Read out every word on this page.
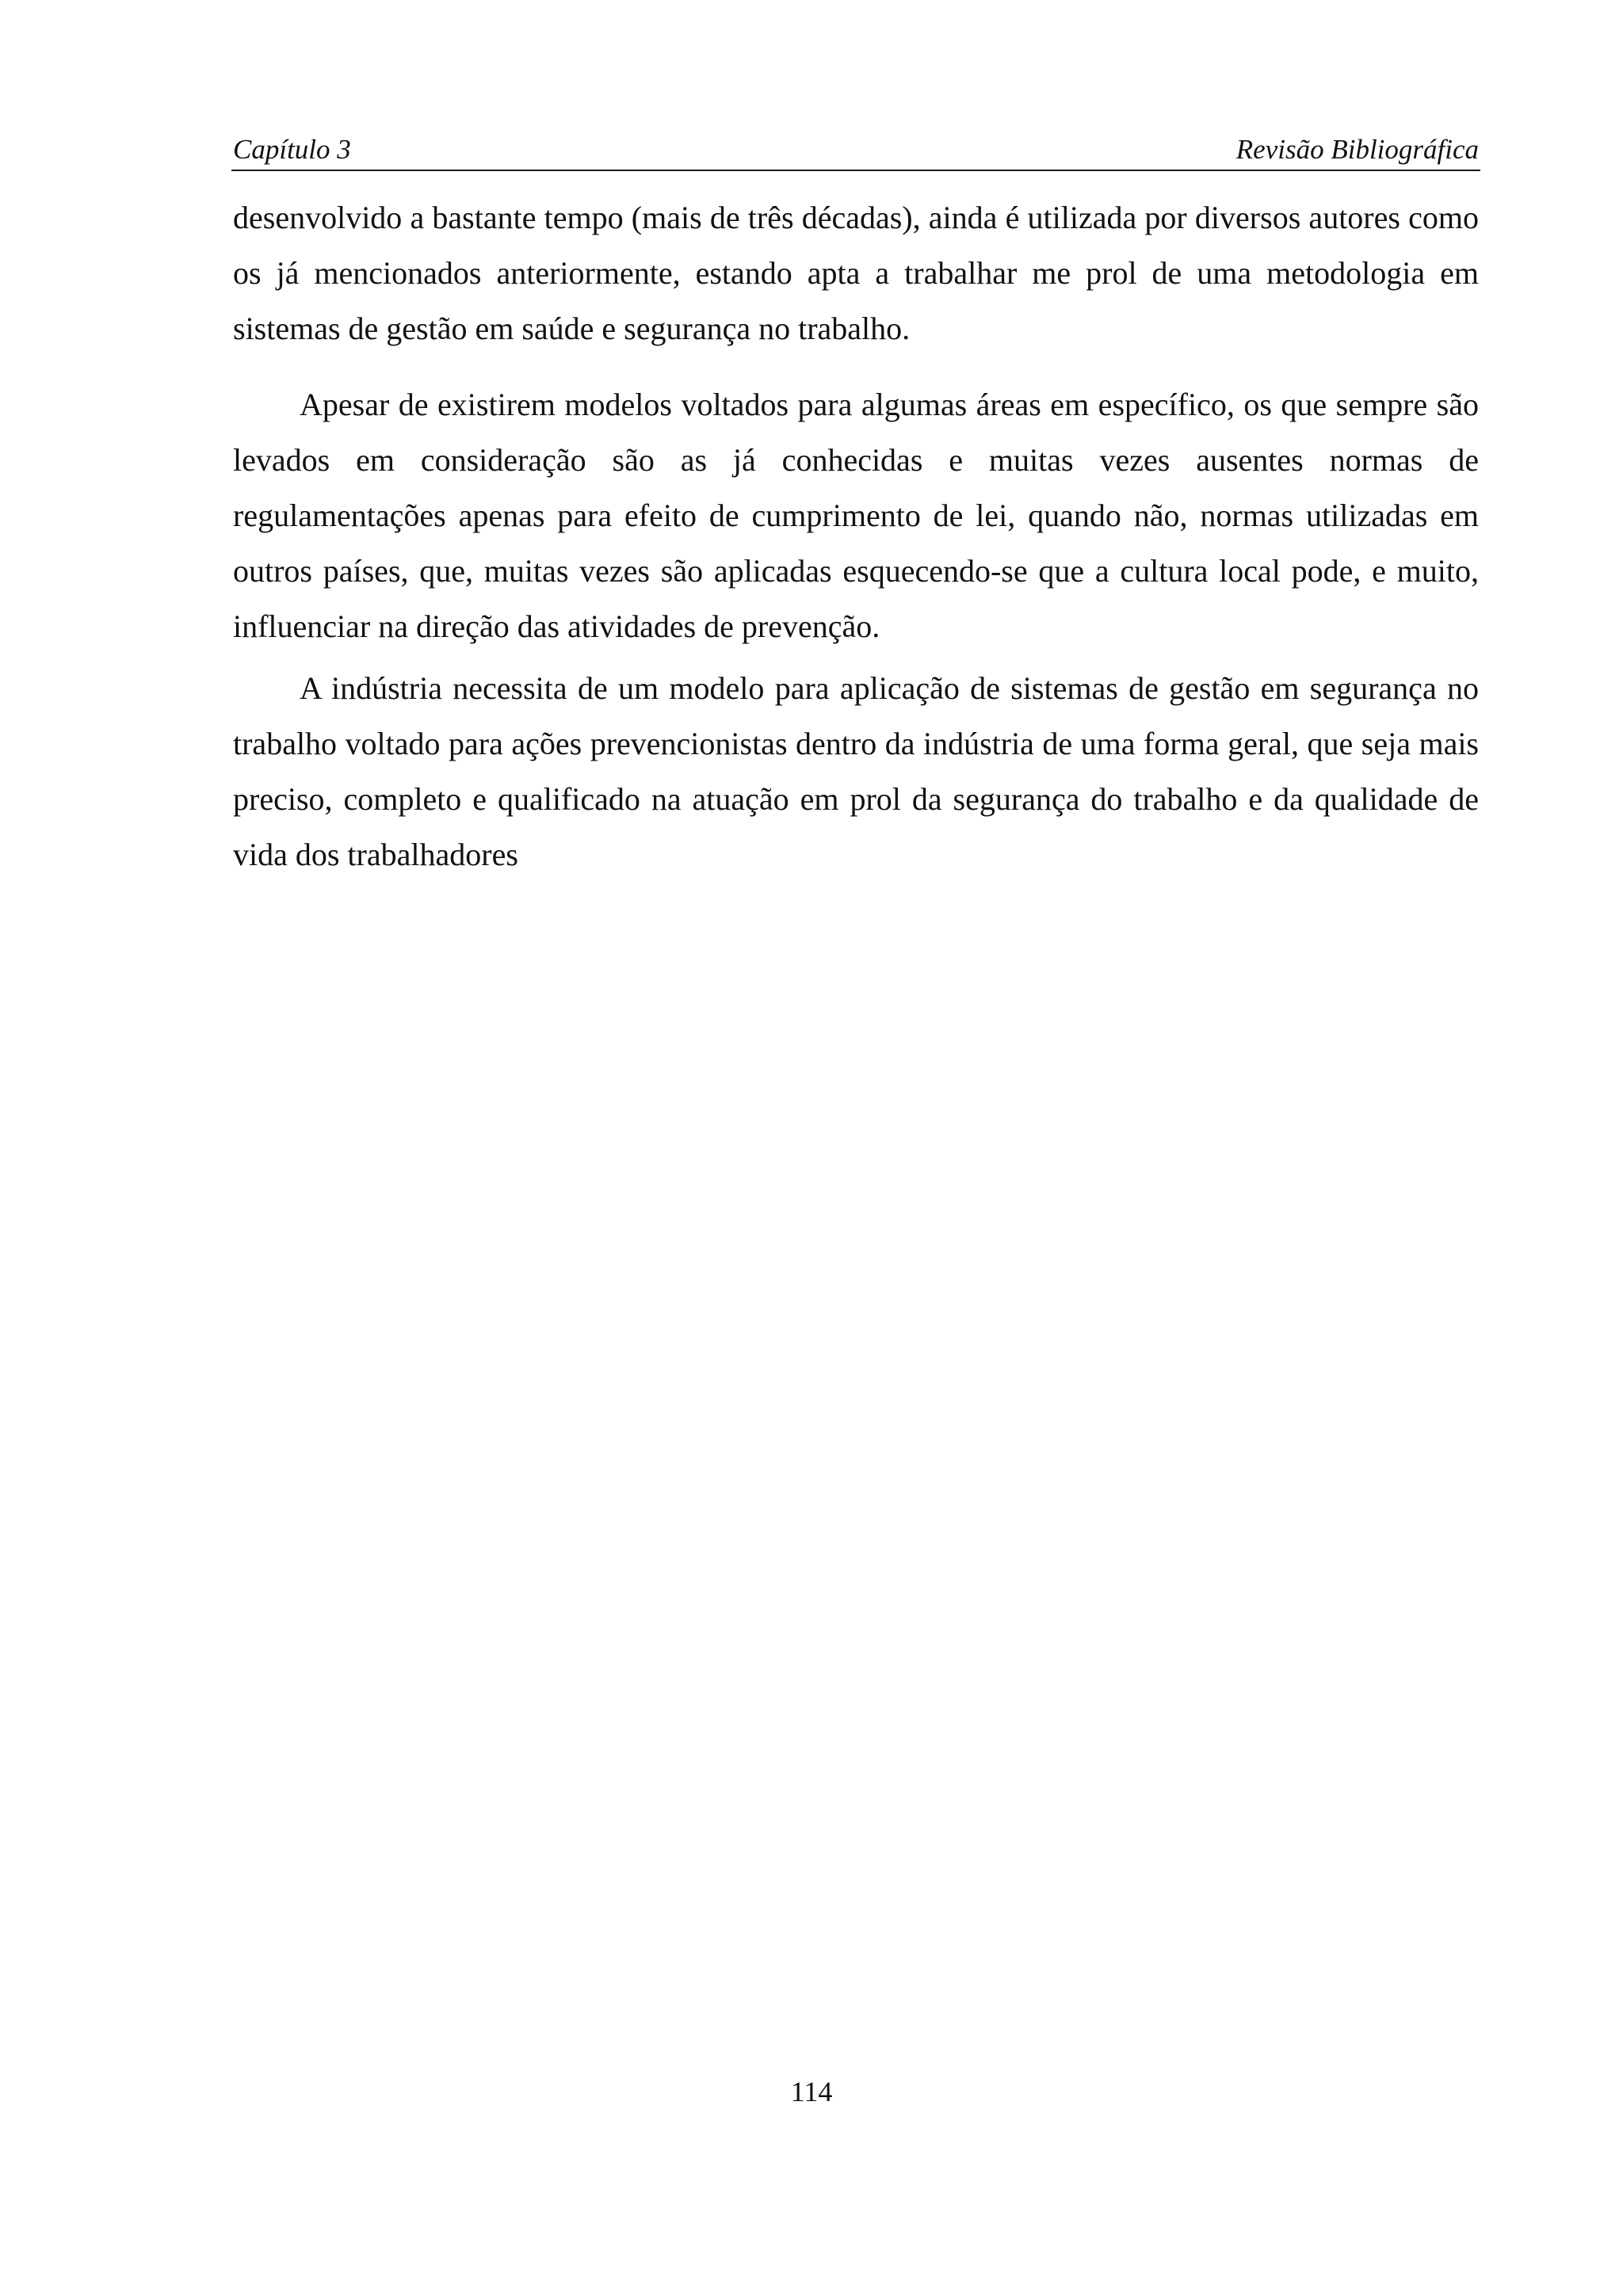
Capítulo 3	Revisão Bibliográfica

desenvolvido a bastante tempo (mais de três décadas), ainda é utilizada por diversos autores como os já mencionados anteriormente, estando apta a trabalhar me prol de uma metodologia em sistemas de gestão em saúde e segurança no trabalho.

Apesar de existirem modelos voltados para algumas áreas em específico, os que sempre são levados em consideração são as já conhecidas e muitas vezes ausentes normas de regulamentações apenas para efeito de cumprimento de lei, quando não, normas utilizadas em outros países, que, muitas vezes são aplicadas esquecendo-se que a cultura local pode, e muito, influenciar na direção das atividades de prevenção.

A indústria necessita de um modelo para aplicação de sistemas de gestão em segurança no trabalho voltado para ações prevencionistas dentro da indústria de uma forma geral, que seja mais preciso, completo e qualificado na atuação em prol da segurança do trabalho e da qualidade de vida dos trabalhadores

114
